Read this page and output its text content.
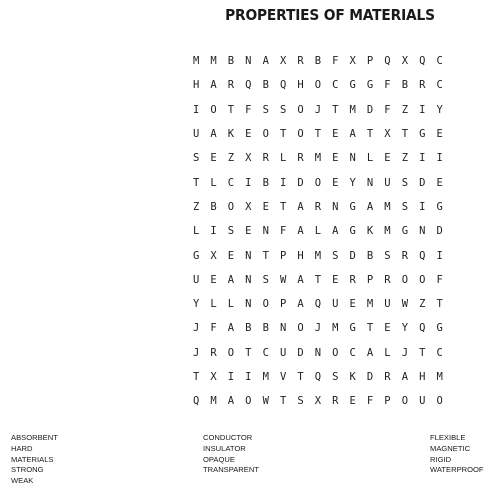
PROPERTIES OF MATERIALS
M	M	B	N	A	X	R	B	F	X	P	Q	X	Q	C
H	A	R	Q	B	Q	H	O	C	G	G	F	B	R	C
I	O	T	F	S	S	O	J	T	M	D	F	Z	I	Y
U	A	K	E	O	T	O	T	E	A	T	X	T	G	E
S	E	Z	X	R	L	R	M	E	N	L	E	Z	I	I
T	L	C	I	B	I	D	O	E	Y	N	U	S	D	E
Z	B	O	X	E	T	A	R	N	G	A	M	S	I	G
L	I	S	E	N	F	A	L	A	G	K	M	G	N	D
G	X	E	N	T	P	H	M	S	D	B	S	R	Q	I
U	E	A	N	S	W	A	T	E	R	P	R	O	O	F
Y	L	L	N	O	P	A	Q	U	E	M	U	W	Z	T
J	F	A	B	B	N	O	J	M	G	T	E	Y	Q	G
J	R	O	T	C	U	D	N	O	C	A	L	J	T	C
T	X	I	I	M	V	T	Q	S	K	D	R	A	H	M
Q	M	A	O	W	T	S	X	R	E	F	P	O	U	O
ABSORBENT
HARD
MATERIALS
STRONG
WEAK
CONDUCTOR
INSULATOR
OPAQUE
TRANSPARENT
FLEXIBLE
MAGNETIC
RIGID
WATERPROOF
